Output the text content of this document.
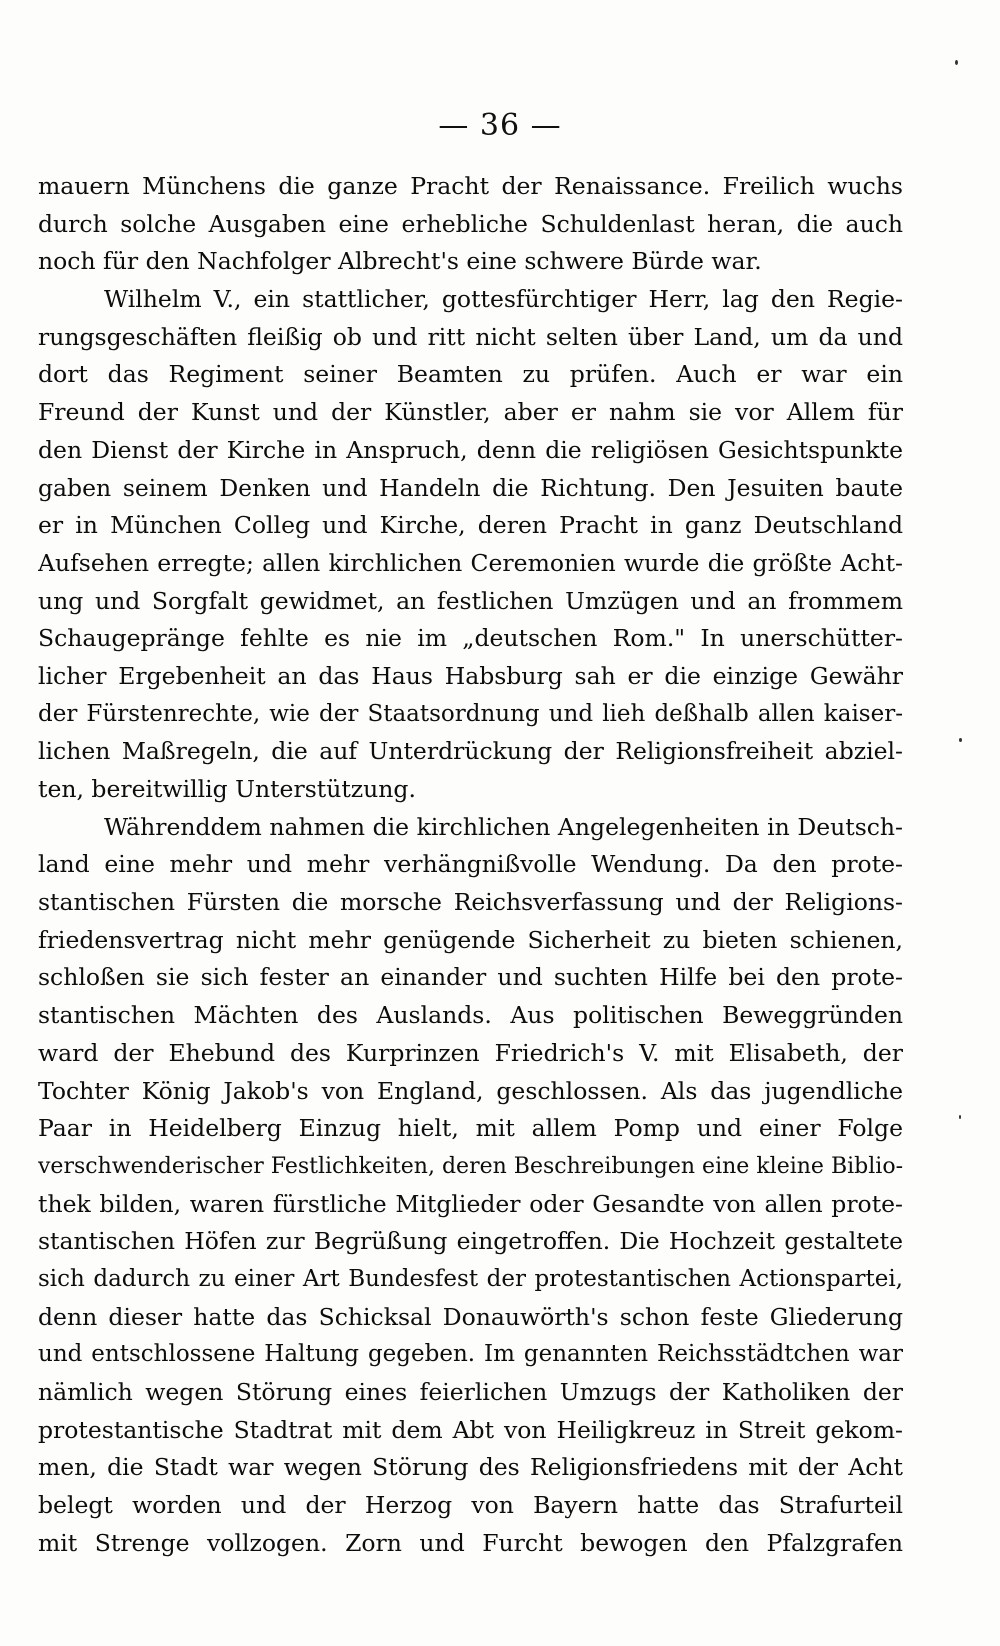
— 36 —
mauern Münchens die ganze Pracht der Renaissance. Freilich wuchs
durch solche Ausgaben eine erhebliche Schuldenlast heran, die auch
noch für den Nachfolger Albrecht's eine schwere Bürde war.
Wilhelm V., ein stattlicher, gottesfürchtiger Herr, lag den Regie-
rungsgeschäften fleißig ob und ritt nicht selten über Land, um da und
dort das Regiment seiner Beamten zu prüfen. Auch er war ein
Freund der Kunst und der Künstler, aber er nahm sie vor Allem für
den Dienst der Kirche in Anspruch, denn die religiösen Gesichtspunkte
gaben seinem Denken und Handeln die Richtung. Den Jesuiten baute
er in München Colleg und Kirche, deren Pracht in ganz Deutschland
Aufsehen erregte; allen kirchlichen Ceremonien wurde die größte Acht-
ung und Sorgfalt gewidmet, an festlichen Umzügen und an frommem
Schaugepränge fehlte es nie im „deutschen Rom." In unerschütter-
licher Ergebenheit an das Haus Habsburg sah er die einzige Gewähr
der Fürstenrechte, wie der Staatsordnung und lieh deßhalb allen kaiser-
lichen Maßregeln, die auf Unterdrückung der Religionsfreiheit abziel-
ten, bereitwillig Unterstützung.
Währenddem nahmen die kirchlichen Angelegenheiten in Deutsch-
land eine mehr und mehr verhängnißvolle Wendung. Da den prote-
stantischen Fürsten die morsche Reichsverfassung und der Religions-
friedensvertrag nicht mehr genügende Sicherheit zu bieten schienen,
schloßen sie sich fester an einander und suchten Hilfe bei den prote-
stantischen Mächten des Auslands. Aus politischen Beweggründen
ward der Ehebund des Kurprinzen Friedrich's V. mit Elisabeth, der
Tochter König Jakob's von England, geschlossen. Als das jugendliche
Paar in Heidelberg Einzug hielt, mit allem Pomp und einer Folge
verschwenderischer Festlichkeiten, deren Beschreibungen eine kleine Biblio-
thek bilden, waren fürstliche Mitglieder oder Gesandte von allen prote-
stantischen Höfen zur Begrüßung eingetroffen. Die Hochzeit gestaltete
sich dadurch zu einer Art Bundesfest der protestantischen Actionspartei,
denn dieser hatte das Schicksal Donauwörth's schon feste Gliederung
und entschlossene Haltung gegeben. Im genannten Reichsstädtchen war
nämlich wegen Störung eines feierlichen Umzugs der Katholiken der
protestantische Stadtrat mit dem Abt von Heiligkreuz in Streit gekom-
men, die Stadt war wegen Störung des Religionsfriedens mit der Acht
belegt worden und der Herzog von Bayern hatte das Strafurteil
mit Strenge vollzogen. Zorn und Furcht bewogen den Pfalzgrafen
